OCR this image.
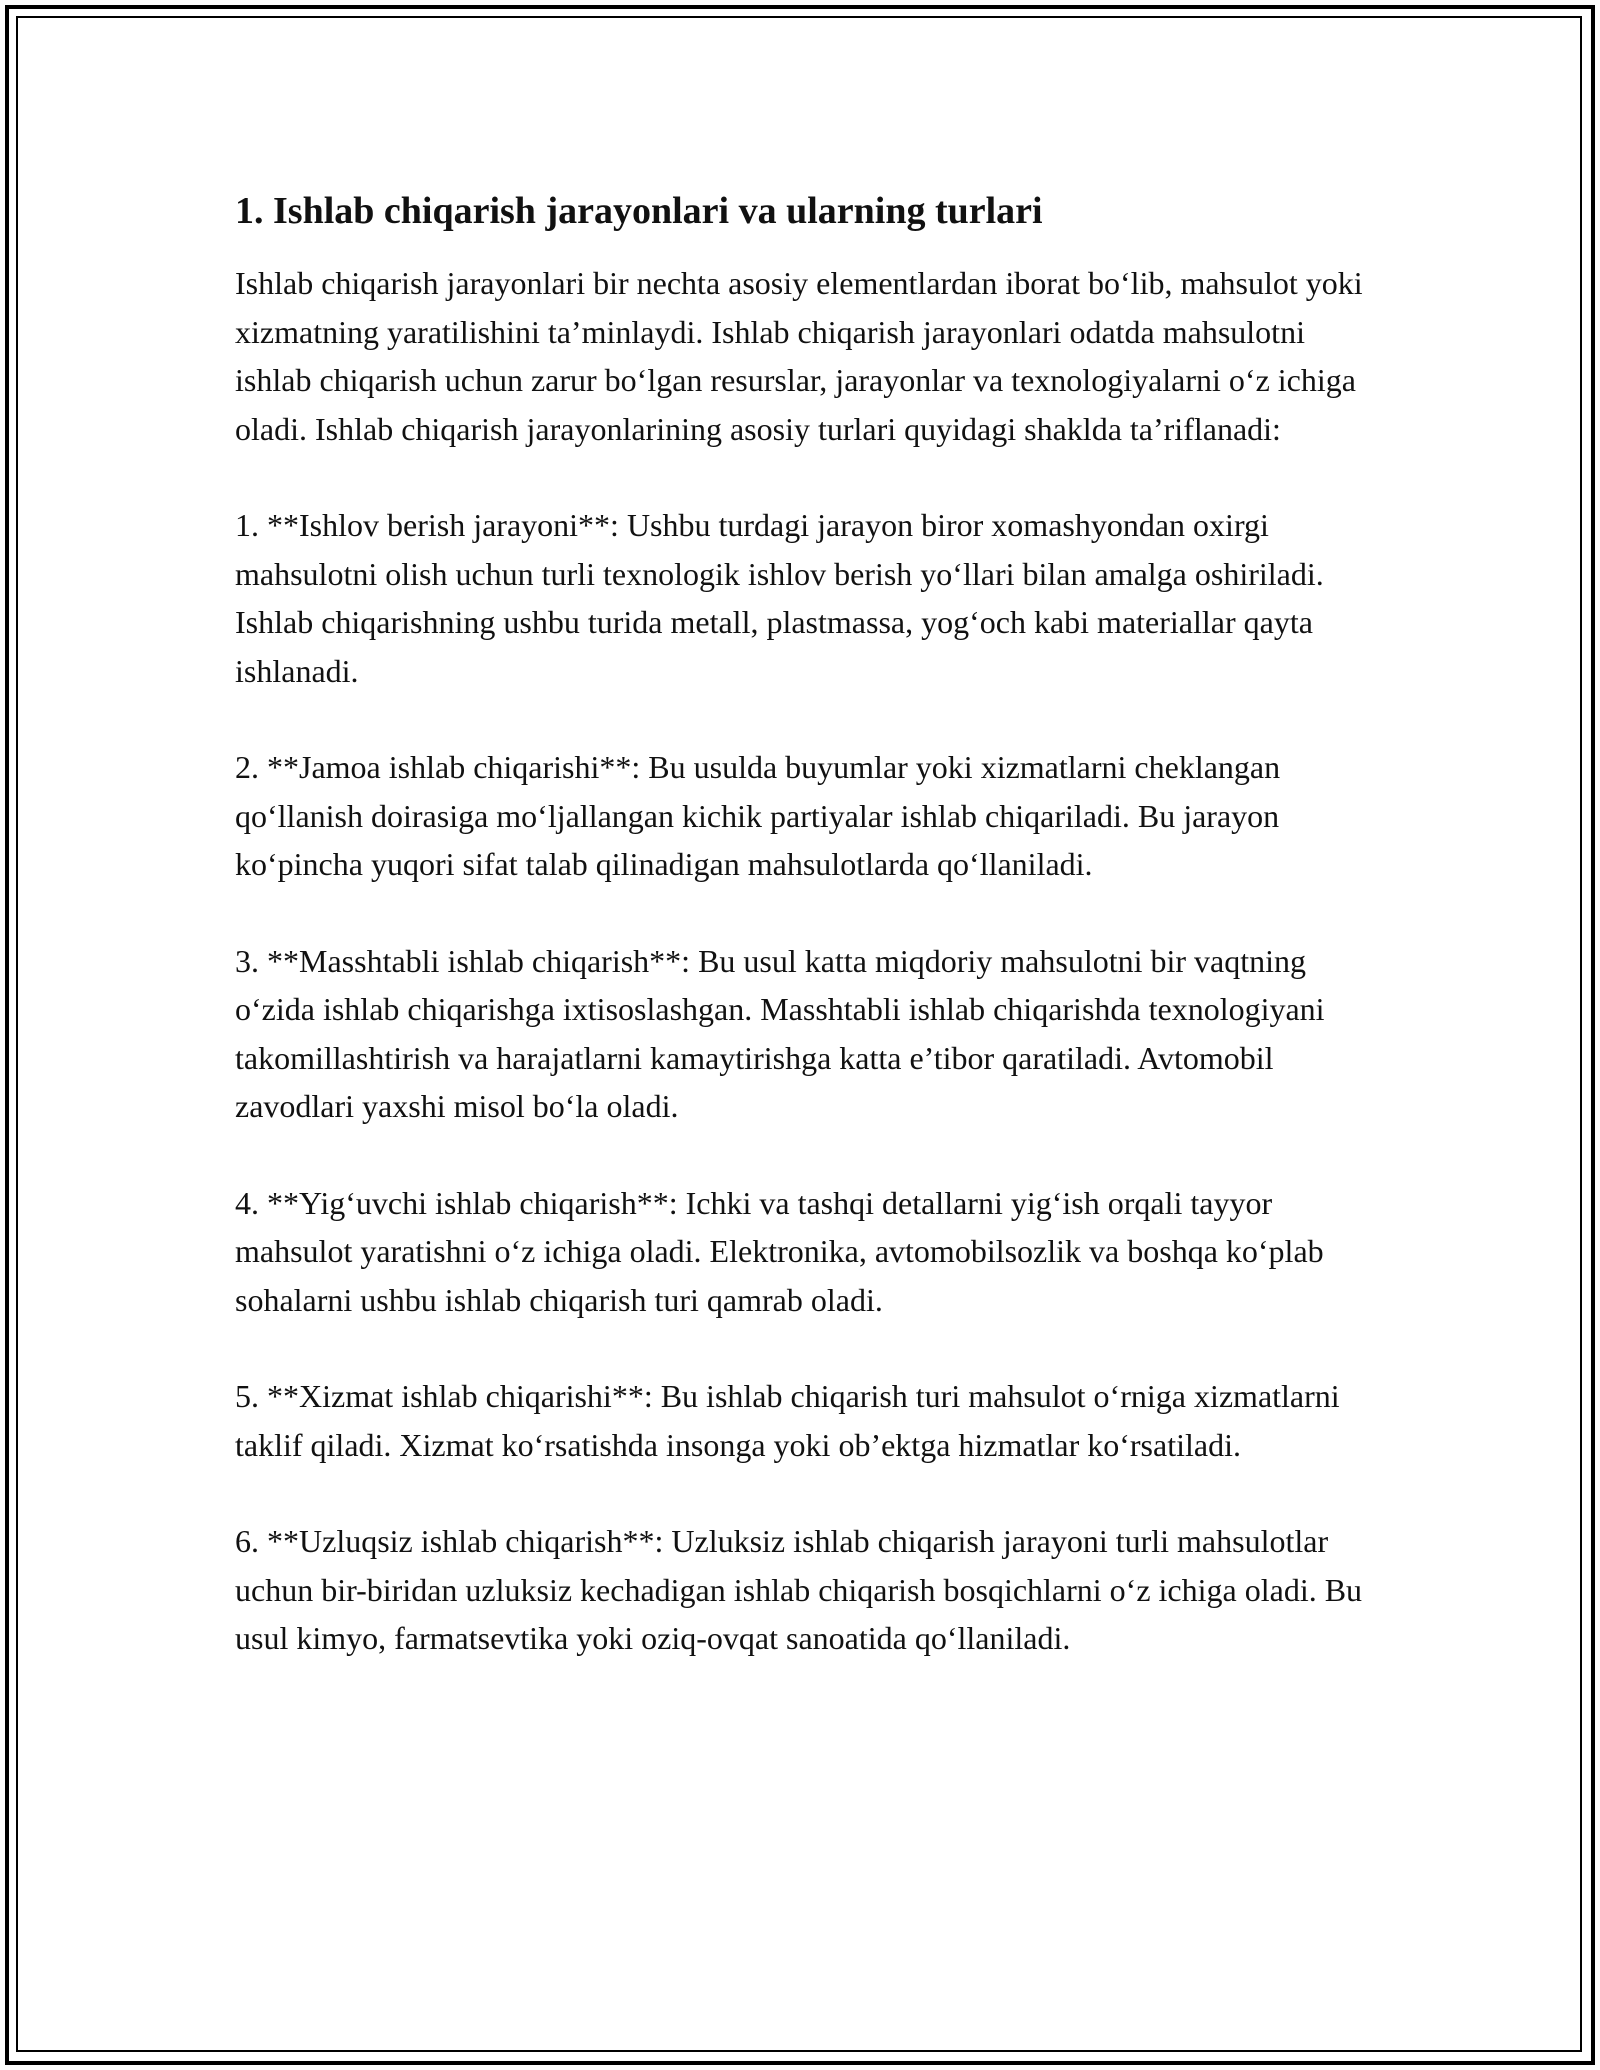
1. Ishlab chiqarish jarayonlari va ularning turlari

Ishlab chiqarish jarayonlari bir nechta asosiy elementlardan iborat bo‘lib, mahsulot yoki xizmatning yaratilishini ta’minlaydi. Ishlab chiqarish jarayonlari odatda mahsulotni ishlab chiqarish uchun zarur bo‘lgan resurslar, jarayonlar va texnologiyalarni o‘z ichiga oladi. Ishlab chiqarish jarayonlarining asosiy turlari quyidagi shaklda ta’riflanadi:

1. **Ishlov berish jarayoni**: Ushbu turdagi jarayon biror xomashyondan oxirgi mahsulotni olish uchun turli texnologik ishlov berish yo‘llari bilan amalga oshiriladi. Ishlab chiqarishning ushbu turida metall, plastmassa, yog‘och kabi materiallar qayta ishlanadi.

2. **Jamoa ishlab chiqarishi**: Bu usulda buyumlar yoki xizmatlarni cheklangan qo‘llanish doirasiga mo‘ljallangan kichik partiyalar ishlab chiqariladi. Bu jarayon ko‘pincha yuqori sifat talab qilinadigan mahsulotlarda qo‘llaniladi.

3. **Masshtabli ishlab chiqarish**: Bu usul katta miqdoriy mahsulotni bir vaqtning o‘zida ishlab chiqarishga ixtisoslashgan. Masshtabli ishlab chiqarishda texnologiyani takomillashtirish va harajatlarni kamaytirishga katta e’tibor qaratiladi. Avtomobil zavodlari yaxshi misol bo‘la oladi.

4. **Yig‘uvchi ishlab chiqarish**: Ichki va tashqi detallarni yig‘ish orqali tayyor mahsulot yaratishni o‘z ichiga oladi. Elektronika, avtomobilsozlik va boshqa ko‘plab sohalarni ushbu ishlab chiqarish turi qamrab oladi.

5. **Xizmat ishlab chiqarishi**: Bu ishlab chiqarish turi mahsulot o‘rniga xizmatlarni taklif qiladi. Xizmat ko‘rsatishda insonga yoki ob’ektga hizmatlar ko‘rsatiladi.

6. **Uzluqsiz ishlab chiqarish**: Uzluksiz ishlab chiqarish jarayoni turli mahsulotlar uchun bir-biridan uzluksiz kechadigan ishlab chiqarish bosqichlarni o‘z ichiga oladi. Bu usul kimyo, farmatsevtika yoki oziq-ovqat sanoatida qo‘llaniladi.
